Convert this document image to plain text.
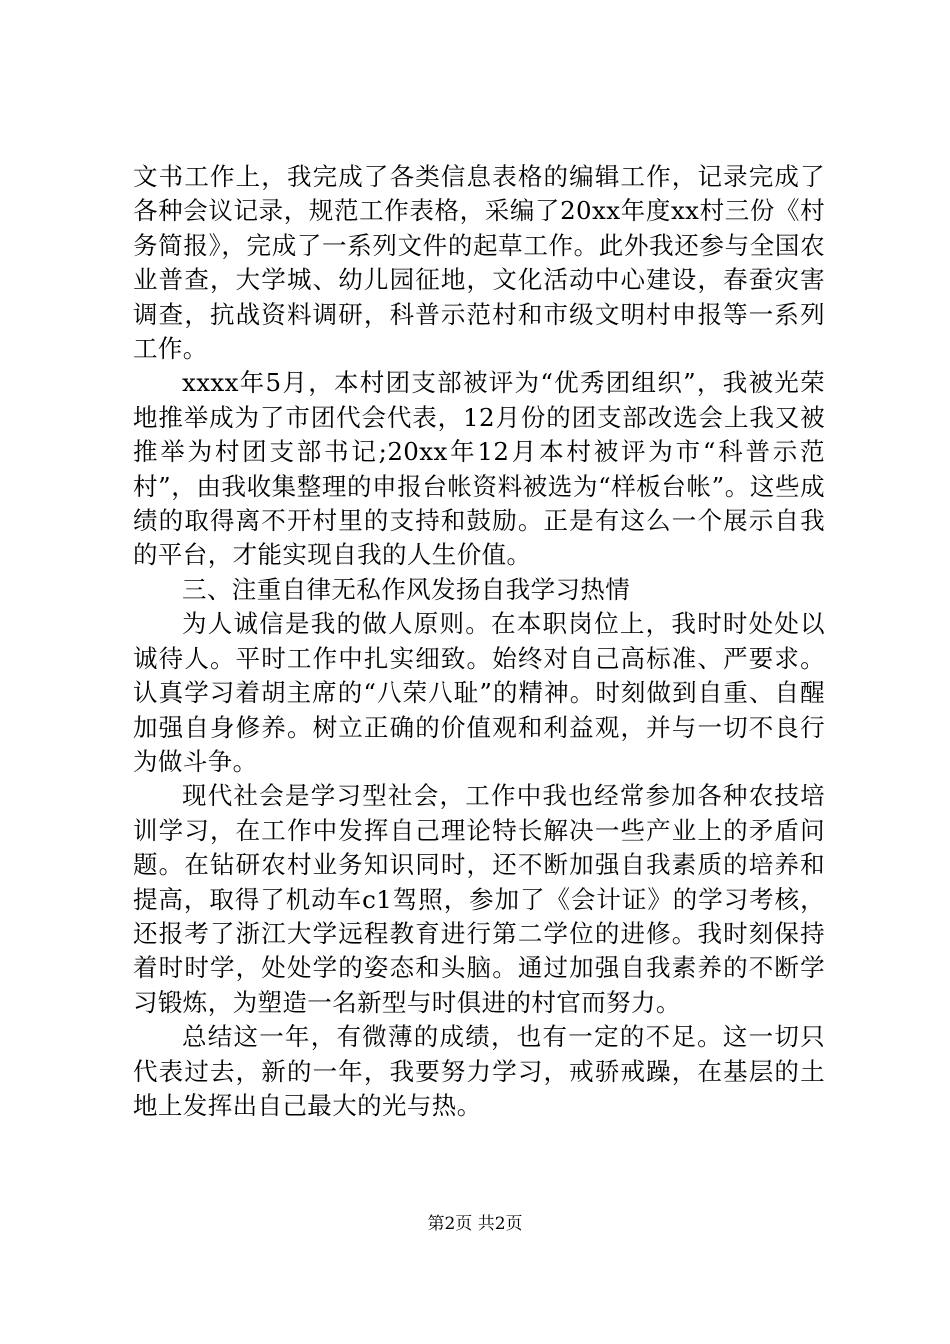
文书工作上，我完成了各类信息表格的编辑工作，记录完成了各种会议记录，规范工作表格，采编了20xx年度xx村三份《村务简报》，完成了一系列文件的起草工作。此外我还参与全国农业普查，大学城、幼儿园征地，文化活动中心建设，春蚕灾害调查，抗战资料调研，科普示范村和市级文明村申报等一系列工作。

xxxx年5月，本村团支部被评为“优秀团组织”，我被光荣地推举成为了市团代会代表，12月份的团支部改选会上我又被推举为村团支部书记;20xx年12月本村被评为市“科普示范村”，由我收集整理的申报台帐资料被选为“样板台帐”。这些成绩的取得离不开村里的支持和鼓励。正是有这么一个展示自我的平台，才能实现自我的人生价值。

三、注重自律无私作风发扬自我学习热情

为人诚信是我的做人原则。在本职岗位上，我时时处处以诚待人。平时工作中扎实细致。始终对自己高标准、严要求。认真学习着胡主席的“八荣八耻”的精神。时刻做到自重、自醒加强自身修养。树立正确的价值观和利益观，并与一切不良行为做斗争。

现代社会是学习型社会，工作中我也经常参加各种农技培训学习，在工作中发挥自己理论特长解决一些产业上的矛盾问题。在钻研农村业务知识同时，还不断加强自我素质的培养和提高，取得了机动车c1驾照，参加了《会计证》的学习考核，还报考了浙江大学远程教育进行第二学位的进修。我时刻保持着时时学，处处学的姿态和头脑。通过加强自我素养的不断学习锻炼，为塑造一名新型与时俱进的村官而努力。

总结这一年，有微薄的成绩，也有一定的不足。这一切只代表过去，新的一年，我要努力学习，戒骄戒躁，在基层的土地上发挥出自己最大的光与热。

第2页 共2页
